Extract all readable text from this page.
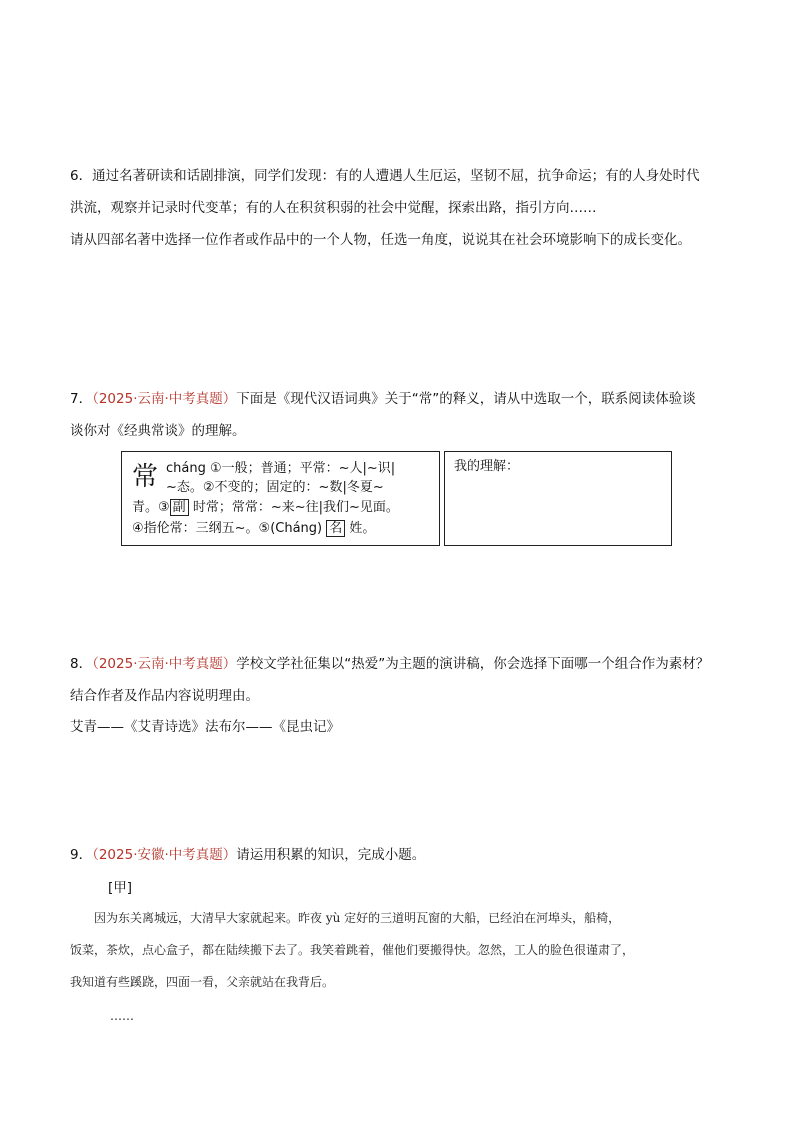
6．通过名著研读和话剧排演，同学们发现：有的人遭遇人生厄运，坚韧不屈，抗争命运；有的人身处时代
洪流，观察并记录时代变革；有的人在积贫积弱的社会中觉醒，探索出路，指引方向……
请从四部名著中选择一位作者或作品中的一个人物，任选一角度，说说其在社会环境影响下的成长变化。
7．（2025·云南·中考真题）下面是《现代汉语词典》关于“常”的释义，请从中选取一个，联系阅读体验谈
谈你对《经典常谈》的理解。
常 cháng ①一般；普通；平常：~人|~识|
~态。②不变的；固定的：~数|冬夏~
青。③ 副 时常；常常：~来~往|我们~见面。
④指伦常：三纲五~。⑤(Cháng) 名 姓。
我的理解：
8．（2025·云南·中考真题）学校文学社征集以“热爱”为主题的演讲稿，你会选择下面哪一个组合作为素材？
结合作者及作品内容说明理由。
艾青——《艾青诗选》法布尔——《昆虫记》
9．（2025·安徽·中考真题）请运用积累的知识，完成小题。
[甲]
因为东关离城远，大清早大家就起来。昨夜 yù 定好的三道明瓦窗的大船，已经泊在河埠头，船椅，
饭菜，茶炊，点心盒子，都在陆续搬下去了。我笑着跳着，催他们要搬得快。忽然，工人的脸色很谨肃了，
我知道有些蹊跷，四面一看，父亲就站在我背后。
……
